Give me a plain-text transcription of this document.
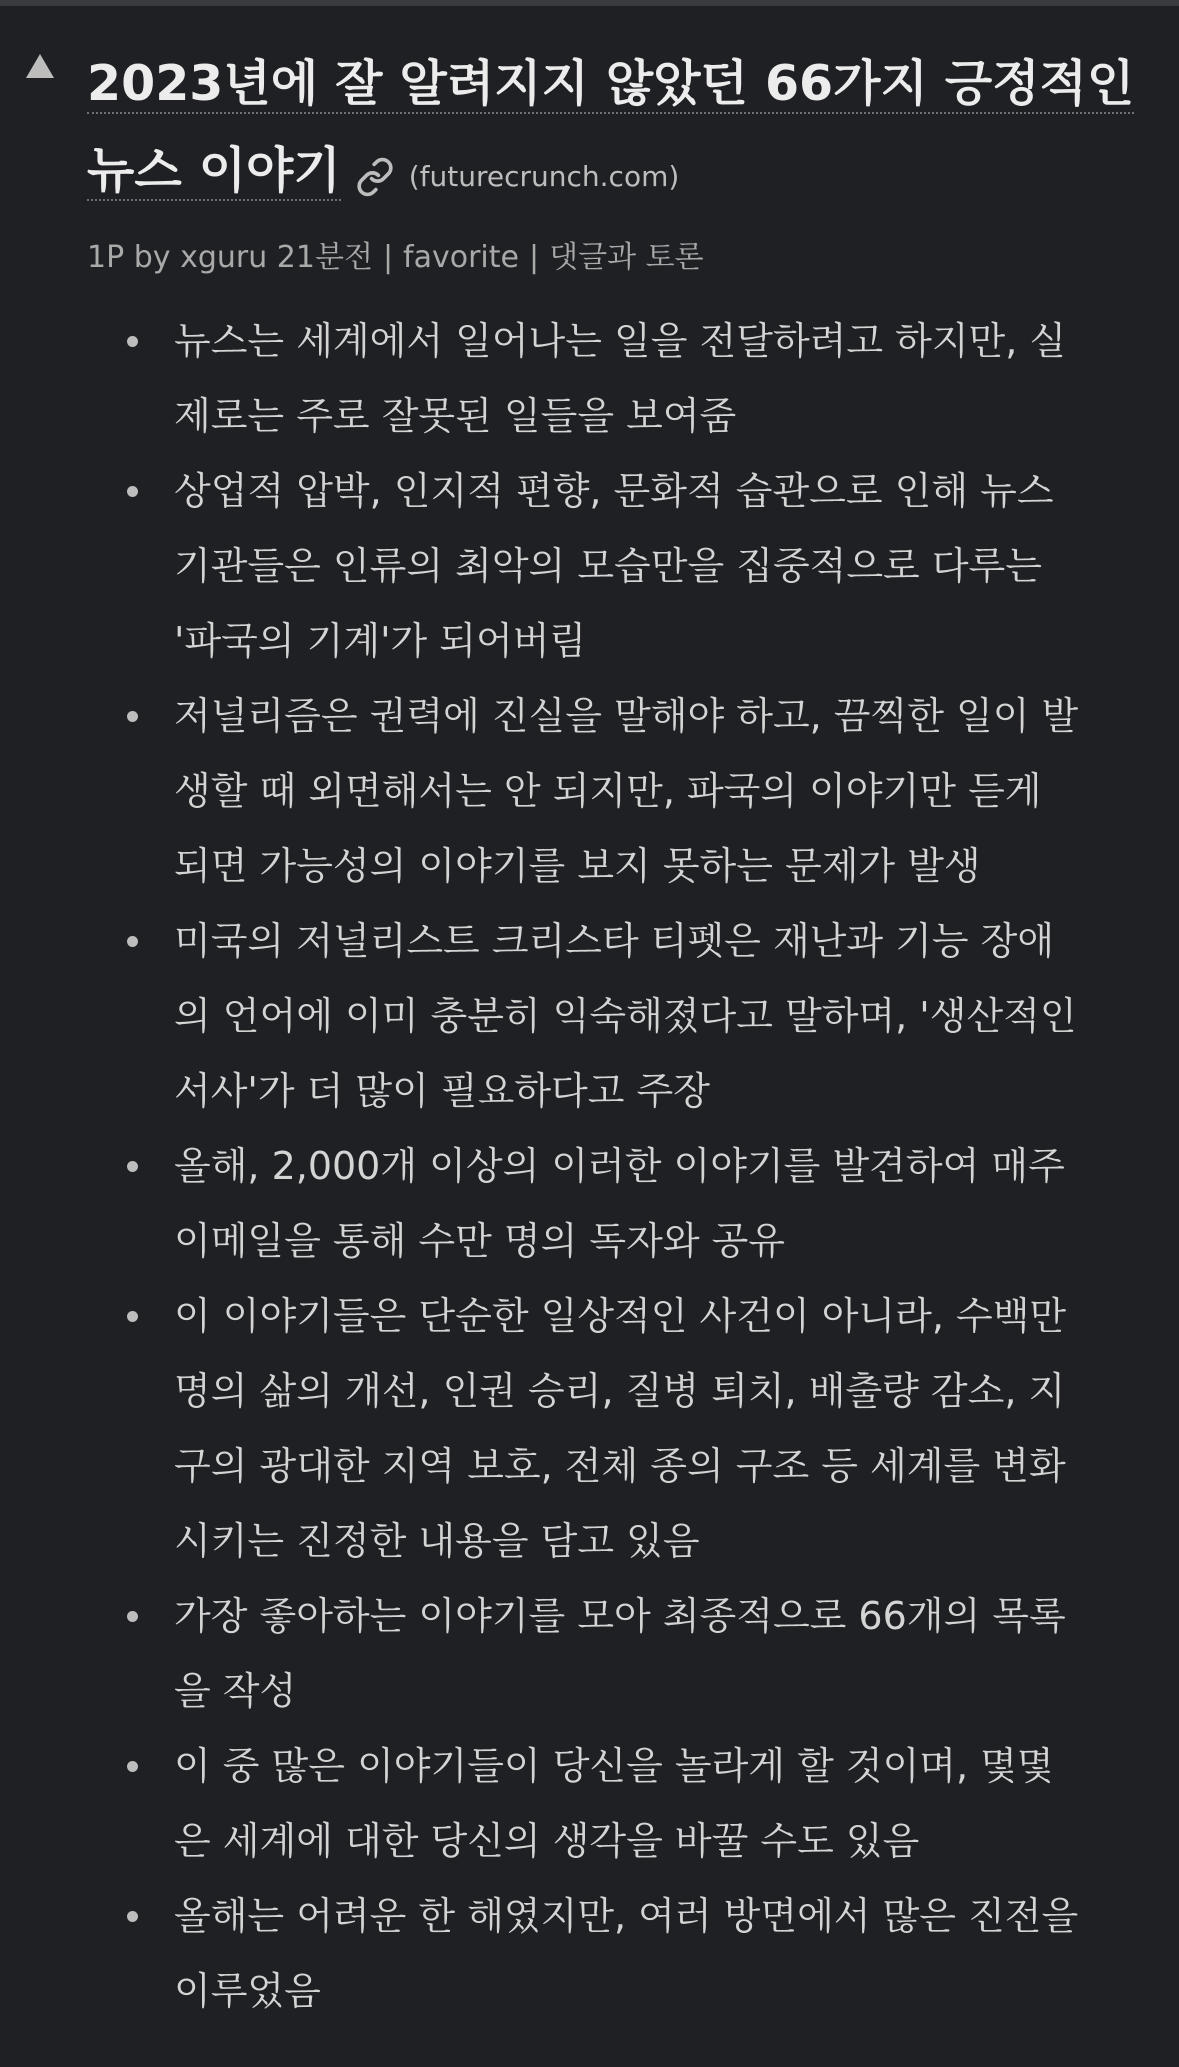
2023년에 잘 알려지지 않았던 66가지 긍정적인 뉴스 이야기 (futurecrunch.com)
1P by xguru 21분전 | favorite | 댓글과 토론
뉴스는 세계에서 일어나는 일을 전달하려고 하지만, 실제로는 주로 잘못된 일들을 보여줌
상업적 압박, 인지적 편향, 문화적 습관으로 인해 뉴스 기관들은 인류의 최악의 모습만을 집중적으로 다루는 '파국의 기계'가 되어버림
저널리즘은 권력에 진실을 말해야 하고, 끔찍한 일이 발생할 때 외면해서는 안 되지만, 파국의 이야기만 듣게 되면 가능성의 이야기를 보지 못하는 문제가 발생
미국의 저널리스트 크리스타 티펫은 재난과 기능 장애의 언어에 이미 충분히 익숙해졌다고 말하며, '생산적인 서사'가 더 많이 필요하다고 주장
올해, 2,000개 이상의 이러한 이야기를 발견하여 매주 이메일을 통해 수만 명의 독자와 공유
이 이야기들은 단순한 일상적인 사건이 아니라, 수백만 명의 삶의 개선, 인권 승리, 질병 퇴치, 배출량 감소, 지구의 광대한 지역 보호, 전체 종의 구조 등 세계를 변화시키는 진정한 내용을 담고 있음
가장 좋아하는 이야기를 모아 최종적으로 66개의 목록을 작성
이 중 많은 이야기들이 당신을 놀라게 할 것이며, 몇몇은 세계에 대한 당신의 생각을 바꿀 수도 있음
올해는 어려운 한 해였지만, 여러 방면에서 많은 진전을 이루었음
